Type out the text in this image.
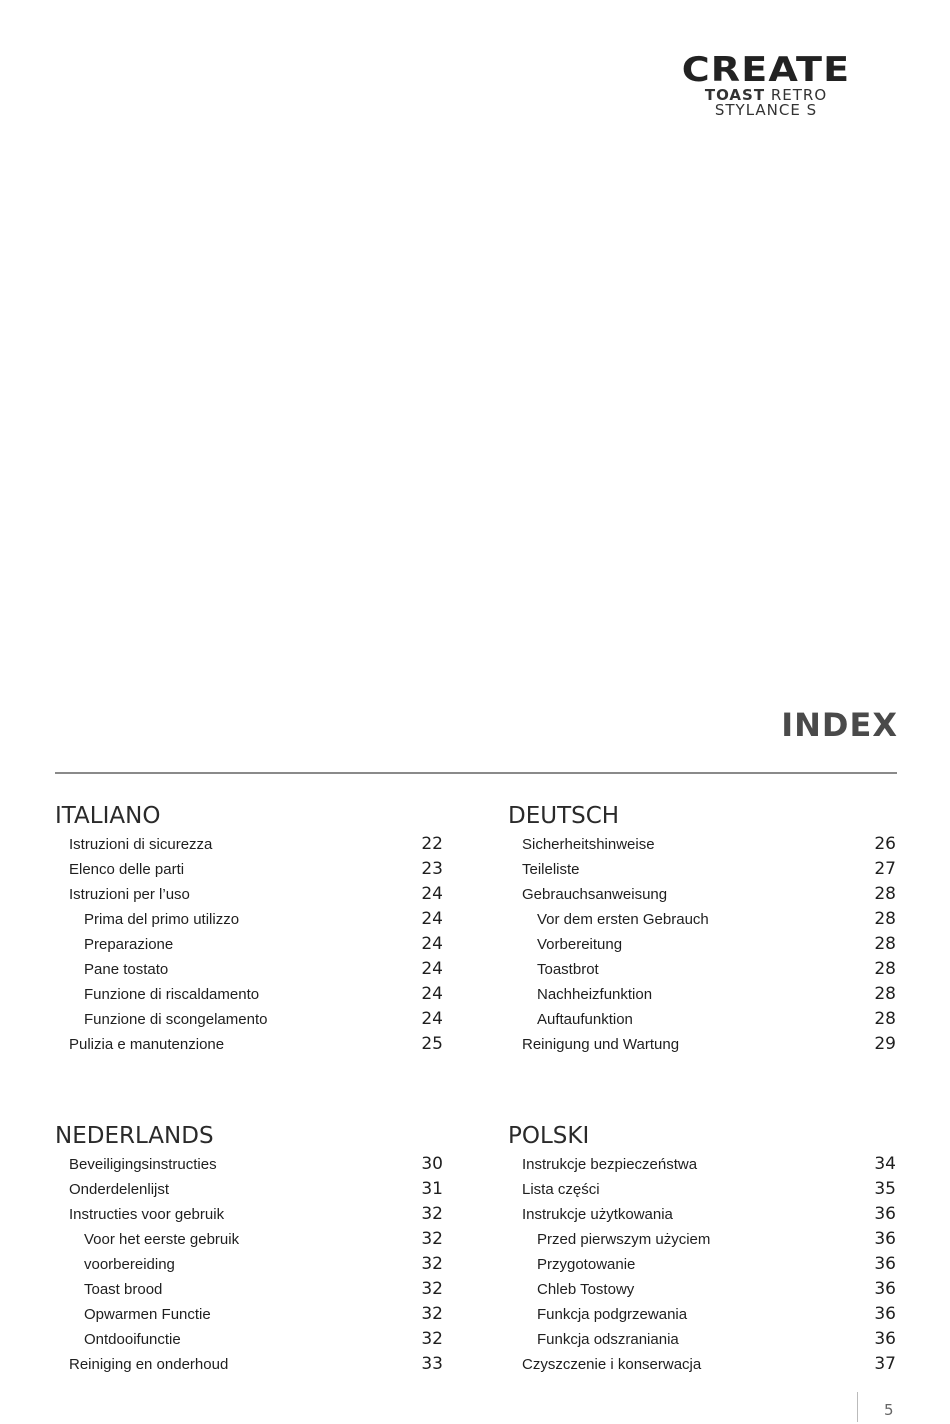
CREATE
TOAST RETRO
STYLANCE S
INDEX
ITALIANO
Istruzioni di sicurezza	22
Elenco delle parti	23
Istruzioni per l’uso	24
Prima del primo utilizzo	24
Preparazione	24
Pane tostato	24
Funzione di riscaldamento	24
Funzione di scongelamento	24
Pulizia e manutenzione	25
DEUTSCH
Sicherheitshinweise	26
Teileliste	27
Gebrauchsanweisung	28
Vor dem ersten Gebrauch	28
Vorbereitung	28
Toastbrot	28
Nachheizfunktion	28
Auftaufunktion	28
Reinigung und Wartung	29
NEDERLANDS
Beveiligingsinstructies	30
Onderdelenlijst	31
Instructies voor gebruik	32
Voor het eerste gebruik	32
voorbereiding	32
Toast brood	32
Opwarmen Functie	32
Ontdooifunctie	32
Reiniging en onderhoud	33
POLSKI
Instrukcje bezpieczeństwa	34
Lista części	35
Instrukcje użytkowania	36
Przed pierwszym użyciem	36
Przygotowanie	36
Chleb Tostowy	36
Funkcja podgrzewania	36
Funkcja odszraniania	36
Czyszczenie i konserwacja	37
5
